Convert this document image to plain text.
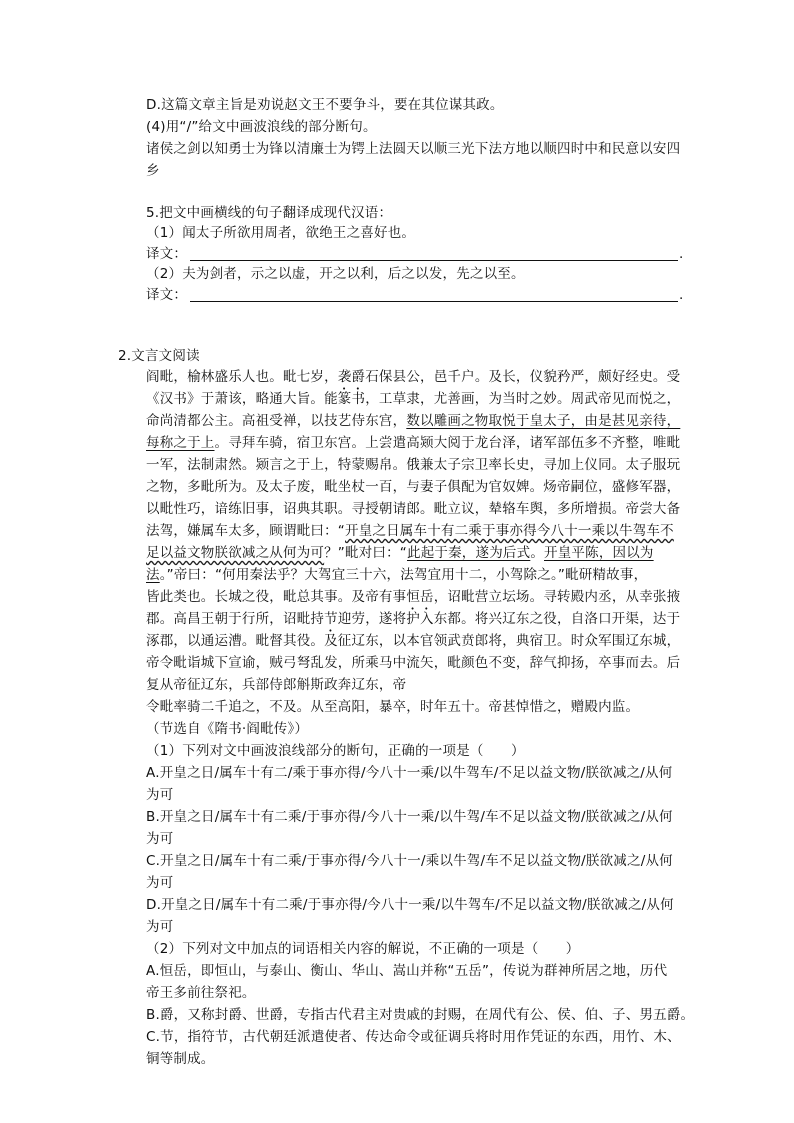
D.这篇文章主旨是劝说赵文王不要争斗，要在其位谋其政。
(4)用“/”给文中画波浪线的部分断句。
诸侯之剑以知勇士为锋以清廉士为锷上法圆天以顺三光下法方地以顺四时中和民意以安四
乡
5.把文中画横线的句子翻译成现代汉语：
（1）闻太子所欲用周者，欲绝王之喜好也。
译文：	.
（2）夫为剑者，示之以虚，开之以利，后之以发，先之以至。
译文：	.
2.文言文阅读
阎毗，榆林盛乐人也。毗七岁，袭爵石保县公，邑千户。及长，仪貌矜严，颇好经史。受
《汉书》于萧该，略通大旨。能篆书，工草隶，尤善画，为当时之妙。周武帝见而悦之，
命尚清都公主。高祖受禅，以技艺侍东宫，数以雕画之物取悦于皇太子，由是甚见亲待，
每称之于上。寻拜车骑，宿卫东宫。上尝遣高颎大阅于龙台泽，诸军部伍多不齐整，唯毗
一军，法制肃然。颎言之于上，特蒙赐帛。俄兼太子宗卫率长史，寻加上仪同。太子服玩
之物，多毗所为。及太子废，毗坐杖一百，与妻子俱配为官奴婢。炀帝嗣位，盛修军器，
以毗性巧，谙练旧事，诏典其职。寻授朝请郎。毗立议，辇辂车舆，多所增损。帝尝大备
法驾，嫌属车太多，顾谓毗曰：“开皇之日属车十有二乘于事亦得今八十一乘以牛驾车不
足以益文物朕欲减之从何为可？”毗对曰：“此起于秦，遂为后式。开皇平陈，因以为
法。”帝曰：“何用秦法乎？大驾宜三十六，法驾宜用十二，小驾除之。”毗研精故事，
皆此类也。长城之役，毗总其事。及帝有事恒岳，诏毗营立坛场。寻转殿内丞，从幸张掖
郡。高昌王朝于行所，诏毗持节迎劳，遂将护入东都。将兴辽东之役，自洛口开渠，达于
涿郡，以通运漕。毗督其役。及征辽东，以本官领武贲郎将，典宿卫。时众军围辽东城，
帝令毗诣城下宣谕，贼弓弩乱发，所乘马中流矢，毗颜色不变，辞气抑扬，卒事而去。后
复从帝征辽东，兵部侍郎斛斯政奔辽东，帝
令毗率骑二千追之，不及。从至高阳，暴卒，时年五十。帝甚悼惜之，赠殿内监。
（节选自《隋书·阎毗传》）
（1）下列对文中画波浪线部分的断句，正确的一项是（　　）
A.开皇之日/属车十有二/乘于事亦得/今八十一乘/以牛驾车/不足以益文物/朕欲减之/从何
为可
B.开皇之日/属车十有二乘/于事亦得/今八十一乘/以牛驾/车不足以益文物/朕欲减之/从何
为可
C.开皇之日/属车十有二乘/于事亦得/今八十一/乘以牛驾/车不足以益文物/朕欲减之/从何
为可
D.开皇之日/属车十有二乘/于事亦得/今八十一乘/以牛驾车/不足以益文物/朕欲减之/从何
为可
（2）下列对文中加点的词语相关内容的解说，不正确的一项是（　　）
A.恒岳，即恒山，与泰山、衡山、华山、嵩山并称“五岳”，传说为群神所居之地，历代
帝王多前往祭祀。
B.爵，又称封爵、世爵，专指古代君主对贵戚的封赐，在周代有公、侯、伯、子、男五爵。
C.节，指符节，古代朝廷派遣使者、传达命令或征调兵将时用作凭证的东西，用竹、木、
铜等制成。
